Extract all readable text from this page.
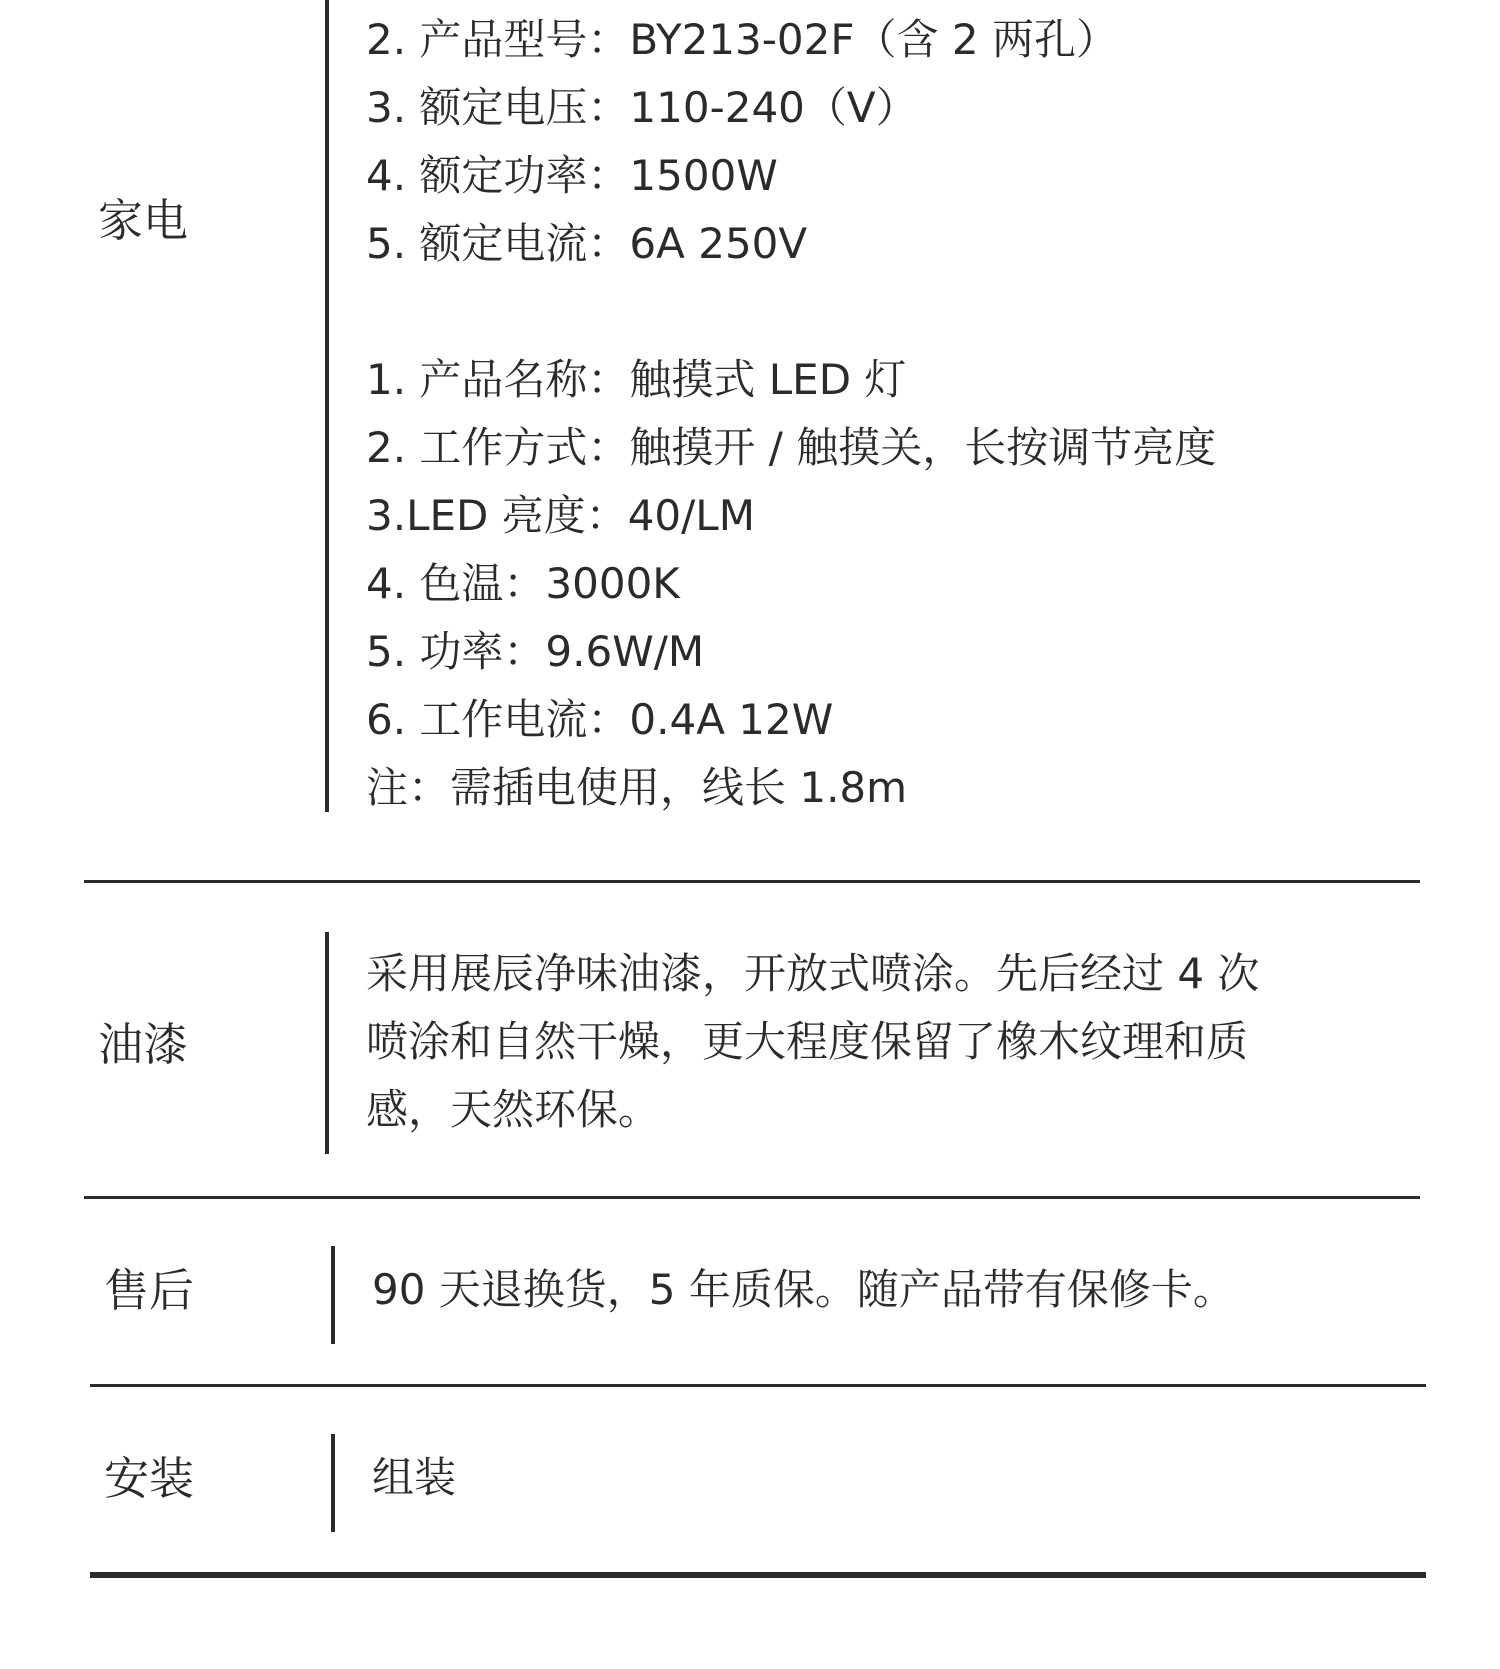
家电
2. 产品型号：BY213-02F（含 2 两孔）
3. 额定电压：110-240（V）
4. 额定功率：1500W
5. 额定电流：6A 250V
1. 产品名称：触摸式 LED 灯
2. 工作方式：触摸开 / 触摸关，长按调节亮度
3.LED 亮度：40/LM
4. 色温：3000K
5. 功率：9.6W/M
6. 工作电流：0.4A 12W
注：需插电使用，线长 1.8m
油漆
采用展辰净味油漆，开放式喷涂。先后经过 4 次
喷涂和自然干燥，更大程度保留了橡木纹理和质
感，天然环保。
售后	90 天退换货，5 年质保。随产品带有保修卡。
安装	组装
